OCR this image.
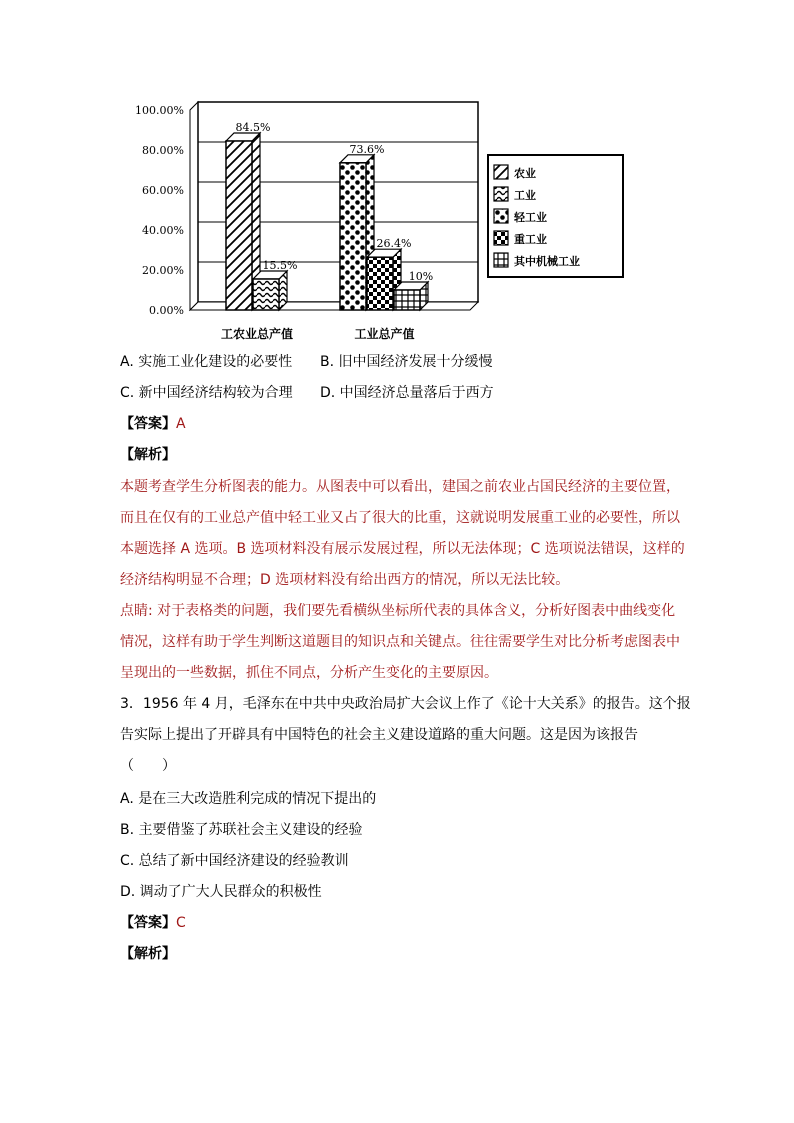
100.00%
80.00%
60.00%
40.00%
20.00%
0.00%
84.5%
15.5%
工农业总产值
73.6%
26.4%
10%
工业总产值
农业
工业
轻工业
重工业
其中机械工业
A. 实施工业化建设的必要性 B. 旧中国经济发展十分缓慢
C. 新中国经济结构较为合理 D. 中国经济总量落后于西方
【答案】A
【解析】
本题考查学生分析图表的能力。从图表中可以看出，建国之前农业占国民经济的主要位置，
而且在仅有的工业总产值中轻工业又占了很大的比重，这就说明发展重工业的必要性，所以
本题选择 A 选项。B 选项材料没有展示发展过程，所以无法体现；C 选项说法错误，这样的
经济结构明显不合理；D 选项材料没有给出西方的情况，所以无法比较。
点睛: 对于表格类的问题，我们要先看横纵坐标所代表的具体含义，分析好图表中曲线变化
情况，这样有助于学生判断这道题目的知识点和关键点。往往需要学生对比分析考虑图表中
呈现出的一些数据，抓住不同点，分析产生变化的主要原因。
3．1956 年 4 月，毛泽东在中共中央政治局扩大会议上作了《论十大关系》的报告。这个报
告实际上提出了开辟具有中国特色的社会主义建设道路的重大问题。这是因为该报告
（　　）
A. 是在三大改造胜利完成的情况下提出的
B. 主要借鉴了苏联社会主义建设的经验
C. 总结了新中国经济建设的经验教训
D. 调动了广大人民群众的积极性
【答案】C
【解析】
